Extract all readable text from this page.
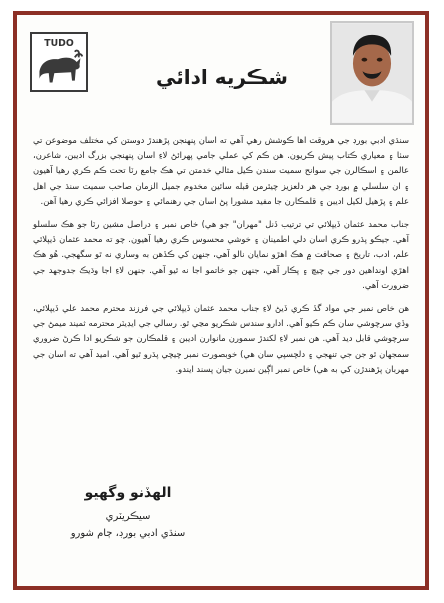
TUDO
شڪريه ادائي

سنڌي ادبي بورڊ جي هروقت اها ڪوشش رهي آهي ته اسان پنهنجن پڙهندڙ دوستن کي مختلف موضوعن تي سٺا ۽ معياري ڪتاب پيش ڪريون. هن ڪم کي عملي جامي پهرائڻ لاءِ اسان پنهنجي بزرگ اديبن، شاعرن، عالمن ۽ اسڪالرن جي سوانح سميت سندن ڪيل مثالي خدمتن تي هڪ جامع رٽا تحت ڪم ڪري رهيا آهيون ۽ ان سلسلي ۾ بورڊ جي هر دلعزيز چيئرمن قبله سائين مخدوم جميل الزمان صاحب سميت سنڌ جي اهل علم ۽ پڙهيل لکيل اديبن ۽ قلمڪارن جا مفيد مشورا پڻ اسان جي رهنمائي ۽ حوصلا افزائي ڪري رهيا آهن.

جناب محمد عثمان ڏيپلائي تي ترتيب ڏنل "مهران" جو هي) خاص نمبر ۽ دراصل مشين رٽا جو هڪ سلسلو آهي. جيڪو پڌرو ڪري اسان دلي اطمينان ۽ خوشي محسوس ڪري رهيا آهيون. چو ته محمد عثمان ڏيپلائي علم، ادب، تاريخ ۽ صحافت ۾ هڪ اهڙو نمايان نالو آهي، جنهن کي ڪڏهن به وساري نه ٿو سگهجي. هُو هڪ اهڙي اونداهين دور جي چيچ ۽ پڪار آهي، جنهن جو خاتمو اجا نه ٿيو آهي. جنهن لاءِ اجا وڌيڪ جدوجهد جي ضرورت آهي.

هن خاص نمبر جي مواد گڏ ڪري ڏيڻ لاءِ جناب محمد عثمان ڏيپلائي جي فرزند محترم محمد علي ڏيپلائي، وڏي سرچوشي سان ڪم ڪيو آهي. ادارو سندس شڪريو مڃي ٿو. رسالي جي ايڊيٽر محترمه ثميند ميمڻ جي سرچوشي قابل ديد آهي. هن نمبر لاءِ لکندڙ سمورن مانوارن اديبن ۽ قلمڪارن جو شڪريو ادا ڪرڻ ضروري سمجهان ٿو جن جي تنهجي ۽ دلچسپي سان هي) خوبصورت نمبر چيچي پڌرو ٿيو آهي. اميد آهي ته اسان جي مهربان پڙهندڙن کي به هي) خاص نمبر اڳين نمبرن جيان پسند ايندو.

الهڏنو وگهيو
سيڪريٽري
سنڌي ادبي بورڊ، ڄام شورو
